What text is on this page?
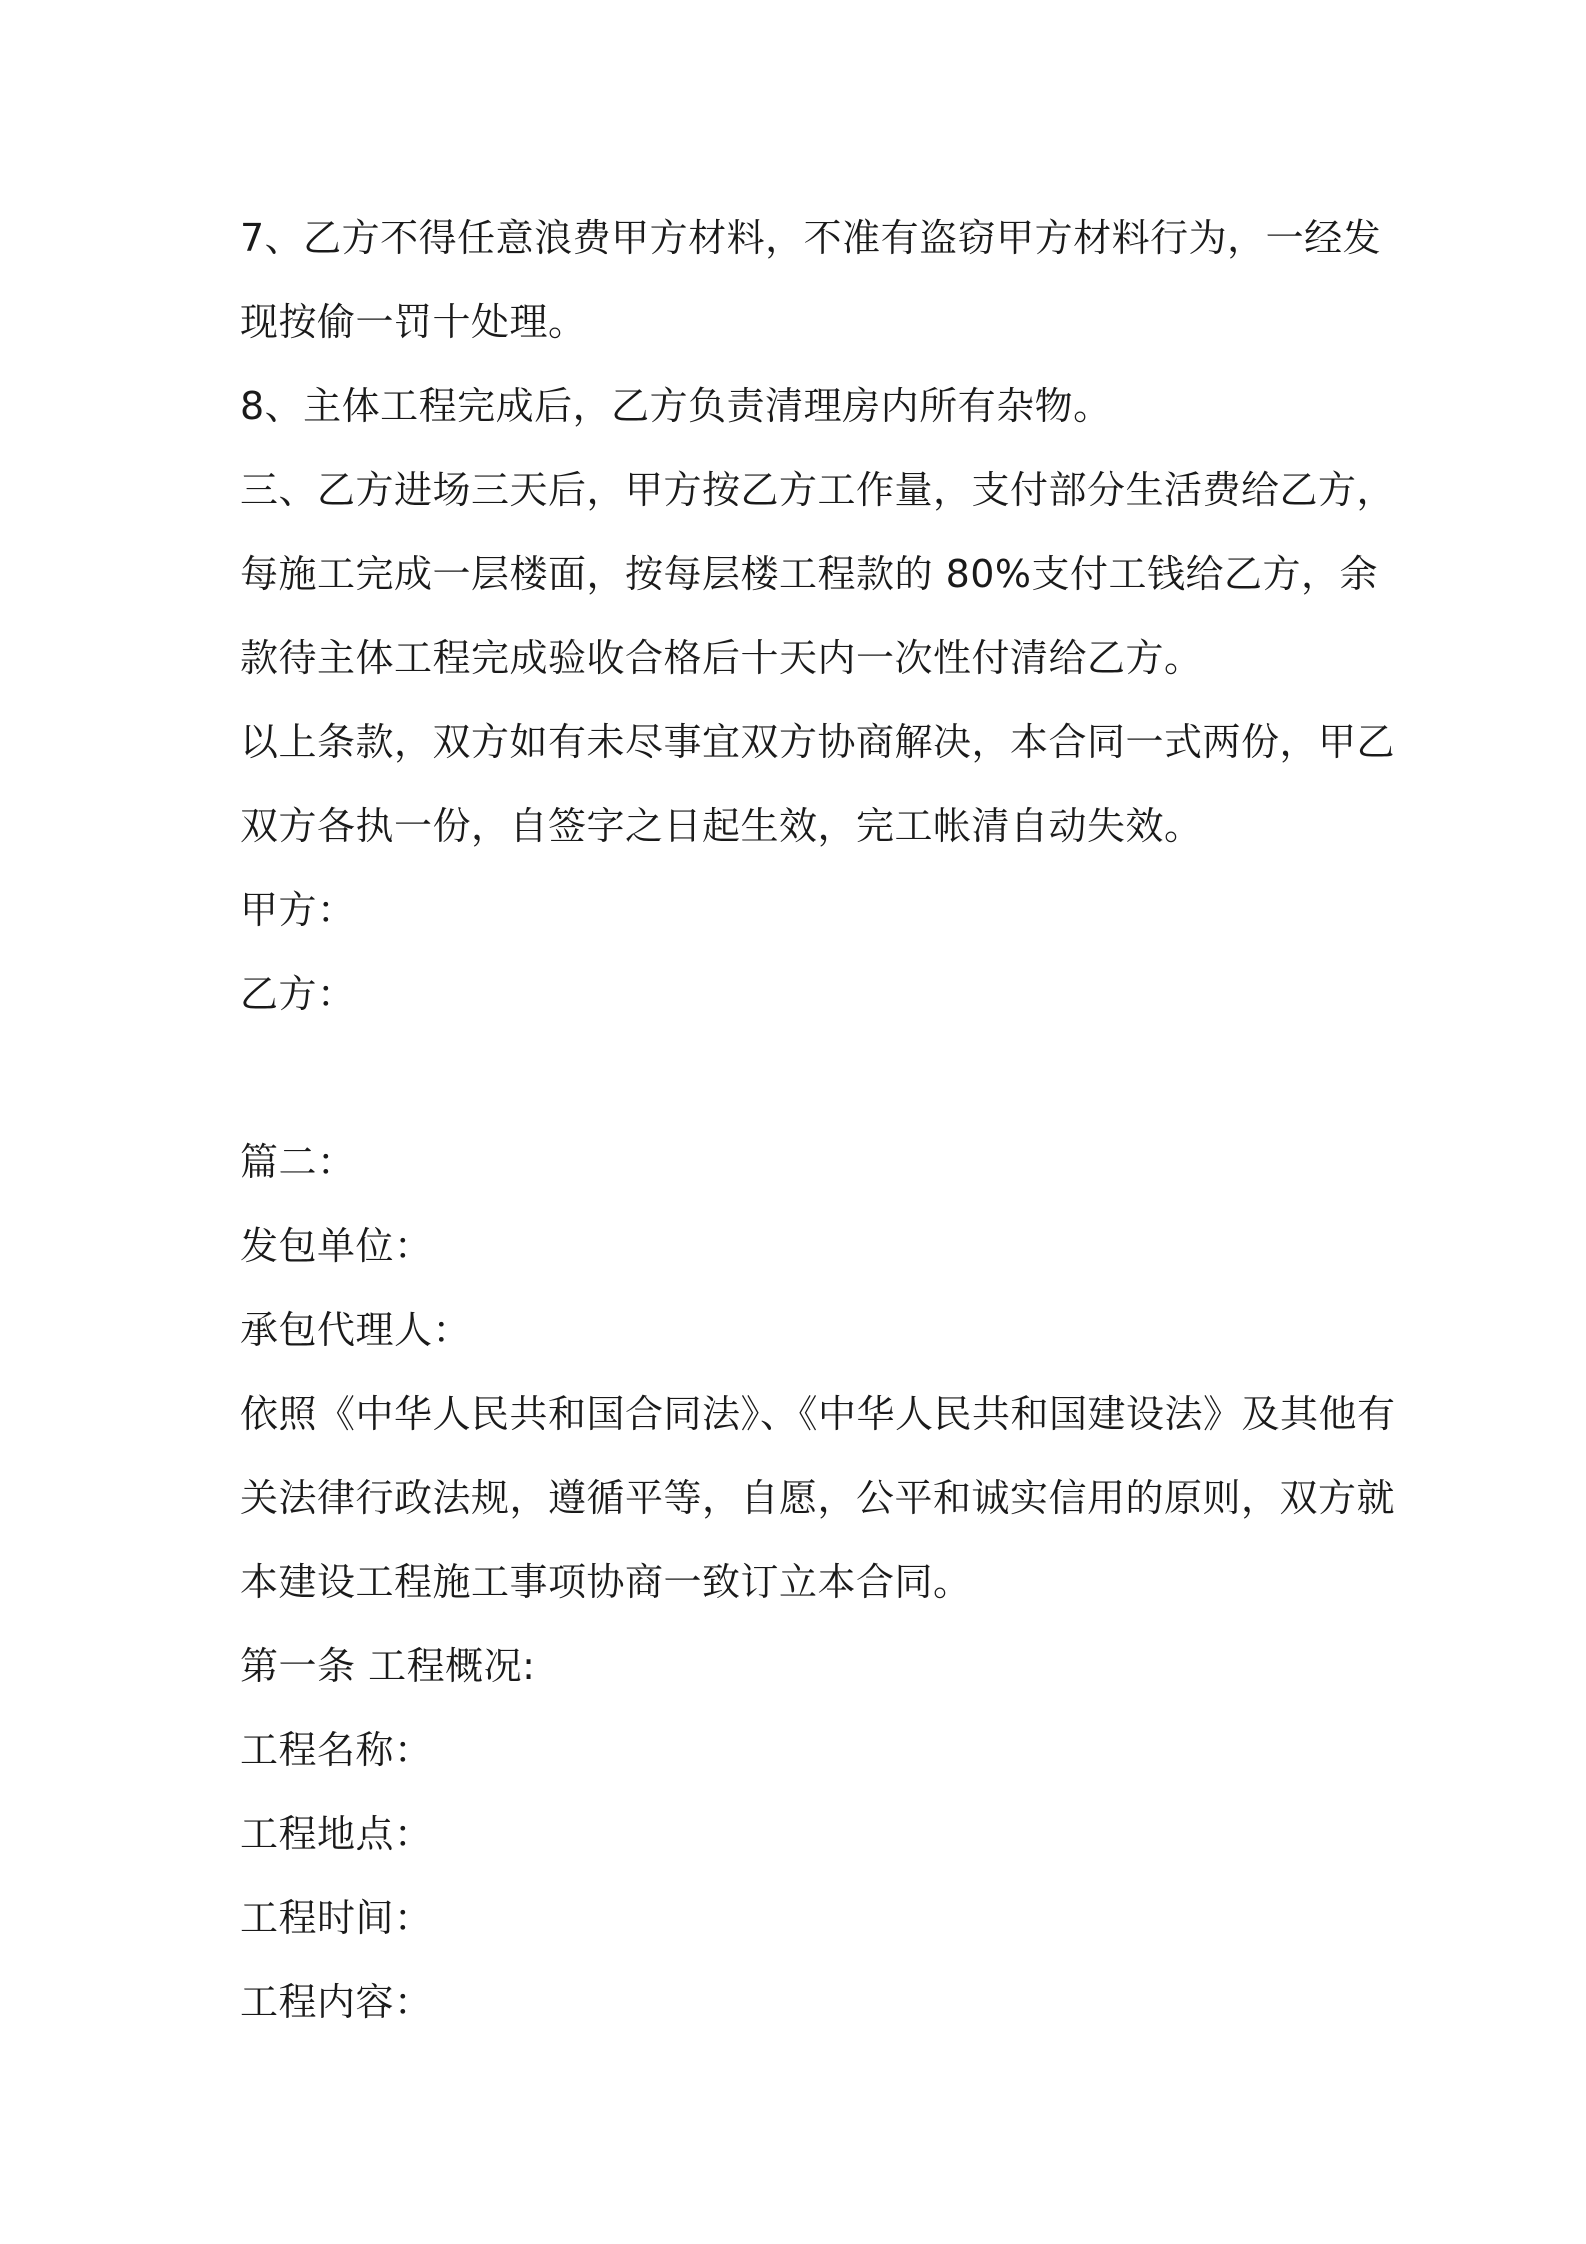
7、乙方不得任意浪费甲方材料，不准有盗窃甲方材料行为，一经发
现按偷一罚十处理。
8、主体工程完成后，乙方负责清理房内所有杂物。
三、乙方进场三天后，甲方按乙方工作量，支付部分生活费给乙方，
每施工完成一层楼面，按每层楼工程款的 80%支付工钱给乙方，余
款待主体工程完成验收合格后十天内一次性付清给乙方。
以上条款，双方如有未尽事宜双方协商解决，本合同一式两份，甲乙
双方各执一份，自签字之日起生效，完工帐清自动失效。
甲方：
乙方：
篇二：
发包单位：
承包代理人：
依照《中华人民共和国合同法》、《中华人民共和国建设法》及其他有
关法律行政法规，遵循平等，自愿，公平和诚实信用的原则，双方就
本建设工程施工事项协商一致订立本合同。
第一条 工程概况:
工程名称：
工程地点：
工程时间：
工程内容：
